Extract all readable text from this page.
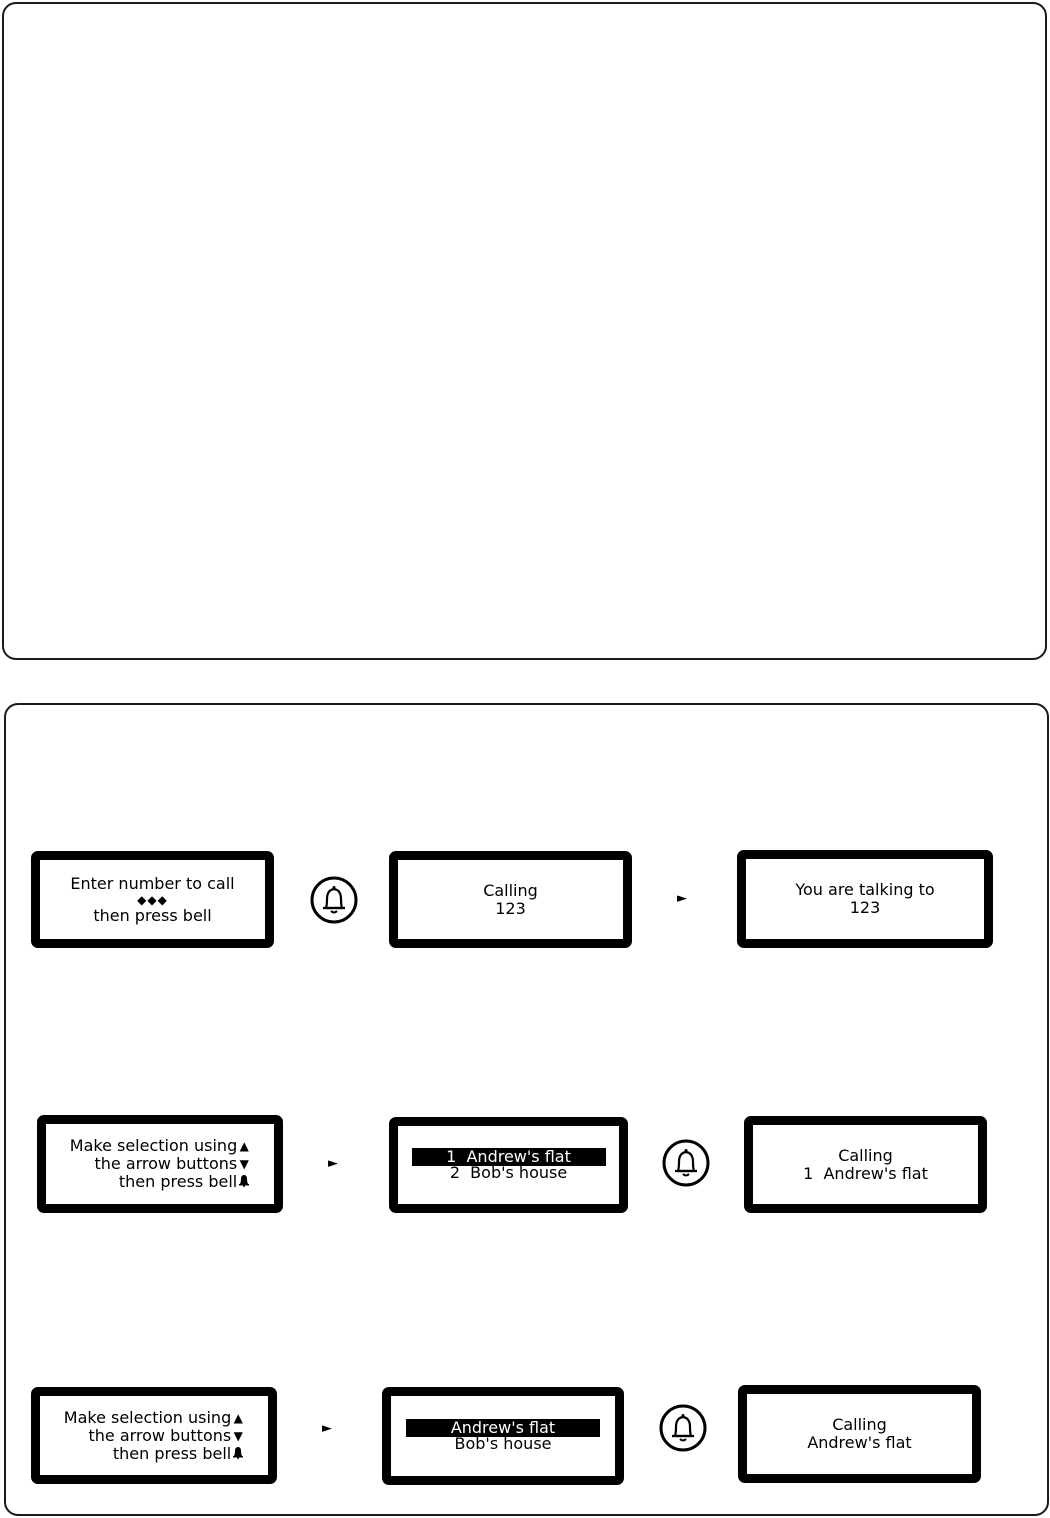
Enter number to call
◆◆◆
then press bell
Calling
123	►	You are talking to
123
Make selection using
the arrow buttons
then press bell
▲
▼	►	1  Andrew's flat
2  Bob's house
Calling
1  Andrew's flat
Make selection using
the arrow buttons
then press bell
▲
▼	►	Andrew's flat
Bob's house
Calling
Andrew's flat
